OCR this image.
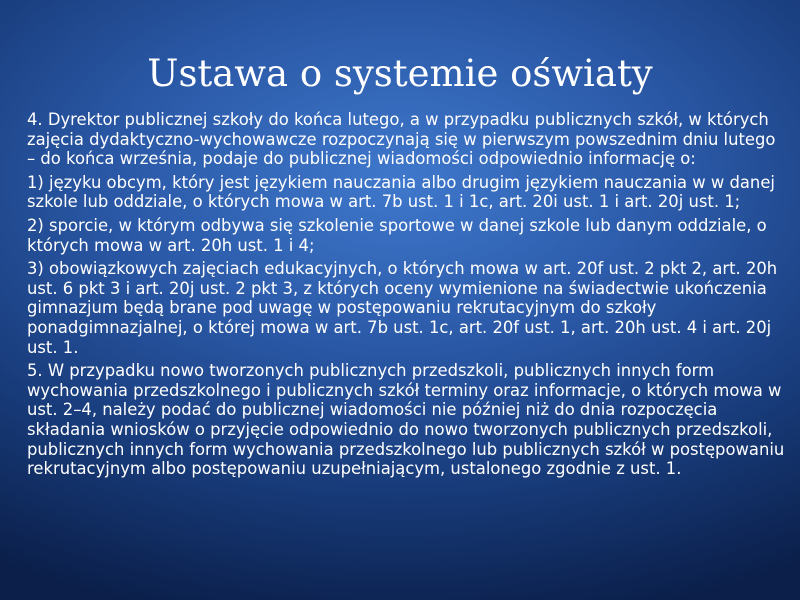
Ustawa o systemie oświaty

4. Dyrektor publicznej szkoły do końca lutego, a w przypadku publicznych szkół, w których zajęcia dydaktyczno-wychowawcze rozpoczynają się w pierwszym powszednim dniu lutego – do końca września, podaje do publicznej wiadomości odpowiednio informację o:

1) języku obcym, który jest językiem nauczania albo drugim językiem nauczania w w danej szkole lub oddziale, o których mowa w art. 7b ust. 1 i 1c, art. 20i ust. 1 i art. 20j ust. 1;

2) sporcie, w którym odbywa się szkolenie sportowe w danej szkole lub danym oddziale, o których mowa w art. 20h ust. 1 i 4;

3) obowiązkowych zajęciach edukacyjnych, o których mowa w art. 20f ust. 2 pkt 2, art. 20h ust. 6 pkt 3 i art. 20j ust. 2 pkt 3, z których oceny wymienione na świadectwie ukończenia gimnazjum będą brane pod uwagę w postępowaniu rekrutacyjnym do szkoły ponadgimnazjalnej, o której mowa w art. 7b ust. 1c, art. 20f ust. 1, art. 20h ust. 4 i art. 20j ust. 1.

5. W przypadku nowo tworzonych publicznych przedszkoli, publicznych innych form wychowania przedszkolnego i publicznych szkół terminy oraz informacje, o których mowa w ust. 2–4, należy podać do publicznej wiadomości nie później niż do dnia rozpoczęcia składania wniosków o przyjęcie odpowiednio do nowo tworzonych publicznych przedszkoli, publicznych innych form wychowania przedszkolnego lub publicznych szkół w postępowaniu rekrutacyjnym albo postępowaniu uzupełniającym, ustalonego zgodnie z ust. 1.
